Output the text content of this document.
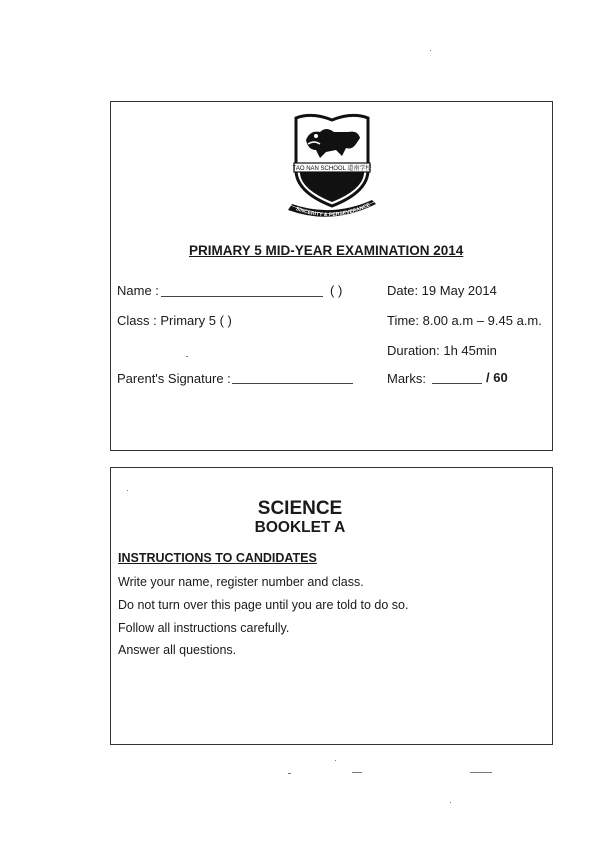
TAO NAN SCHOOL 道南学校
SINCERITY & PERSEVERANCE
PRIMARY 5 MID-YEAR EXAMINATION 2014
Name :	( )
Class : Primary 5 ( )
Parent's Signature :
Date: 19 May 2014
Time: 8.00 a.m – 9.45 a.m.
Duration: 1h 45min
Marks:	/ 60
SCIENCE
BOOKLET A
INSTRUCTIONS TO CANDIDATES
Write your name, register number and class.
Do not turn over this page until you are told to do so.
Follow all instructions carefully.
Answer all questions.
